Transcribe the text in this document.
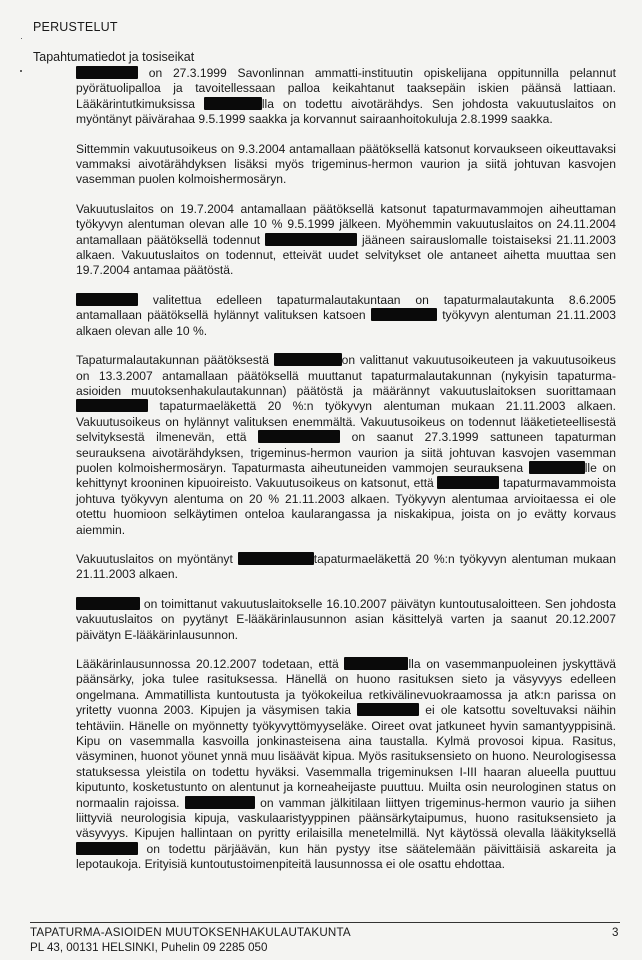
PERUSTELUT
Tapahtumatiedot ja tosiseikat

on 27.3.1999 Savonlinnan ammatti-instituutin opiskelijana oppitunnilla pelannut pyörätuolipalloa ja tavoitellessaan palloa keikahtanut taaksepäin iskien päänsä lattiaan. Lääkärintutkimuksissa	lla on todettu aivotärähdys. Sen johdosta vakuutuslaitos on myöntänyt päivärahaa 9.5.1999 saakka ja korvannut sairaanhoitokuluja 2.8.1999 saakka.

Sittemmin vakuutusoikeus on 9.3.2004 antamallaan päätöksellä katsonut korvaukseen oikeuttavaksi vammaksi aivotärähdyksen lisäksi myös trigeminus-hermon vaurion ja siitä johtuvan kasvojen vasemman puolen kolmoishermosäryn.

Vakuutuslaitos on 19.7.2004 antamallaan päätöksellä katsonut tapaturmavammojen aiheuttaman työkyvyn alentuman olevan alle 10 % 9.5.1999 jälkeen. Myöhemmin vakuutuslaitos on 24.11.2004 antamallaan päätöksellä todennut	jääneen sairauslomalle toistaiseksi 21.11.2003 alkaen. Vakuutuslaitos on todennut, etteivät uudet selvitykset ole antaneet aihetta muuttaa sen 19.7.2004 antamaa päätöstä.

valitettua edelleen tapaturmalautakuntaan on tapaturmalautakunta 8.6.2005 antamallaan päätöksellä hylännyt valituksen katsoen	työkyvyn alentuman 21.11.2003 alkaen olevan alle 10 %.

Tapaturmalautakunnan päätöksestä	on valittanut vakuutusoikeuteen ja vakuutusoikeus on 13.3.2007 antamallaan päätöksellä muuttanut tapaturmalautakunnan (nykyisin tapaturma-asioiden muutoksenhakulautakunnan) päätöstä ja määrännyt vakuutuslaitoksen suorittamaan  tapaturmaeläkettä 20 %:n työkyvyn alentuman mukaan 21.11.2003 alkaen. Vakuutusoikeus on hylännyt valituksen enemmältä. Vakuutusoikeus on todennut lääketieteellisestä selvityksestä ilmenevän, että	on saanut 27.3.1999 sattuneen tapaturman seurauksena aivotärähdyksen, trigeminus-hermon vaurion ja siitä johtuvan kasvojen vasemman puolen kolmoishermosäryn. Tapaturmasta aiheutuneiden vammojen seurauksena	lle on kehittynyt krooninen kipuoireisto. Vakuutusoikeus on katsonut, että	tapaturmavammoista johtuva työkyvyn alentuma on 20 % 21.11.2003 alkaen. Työkyvyn alentumaa arvioitaessa ei ole otettu huomioon selkäytimen onteloa kaularangassa ja niskakipua, joista on jo evätty korvaus aiemmin.

Vakuutuslaitos on myöntänyt	tapaturmaeläkettä 20 %:n työkyvyn alentuman mukaan 21.11.2003 alkaen.

on toimittanut vakuutuslaitokselle 16.10.2007 päivätyn kuntoutusaloitteen. Sen johdosta vakuutuslaitos on pyytänyt E-lääkärinlausunnon asian käsittelyä varten ja saanut 20.12.2007 päivätyn E-lääkärinlausunnon.

Lääkärinlausunnossa 20.12.2007 todetaan, että	lla on vasemmanpuoleinen jyskyttävä päänsärky, joka tulee rasituksessa. Hänellä on huono rasituksen sieto ja väsyvyys edelleen ongelmana. Ammatillista kuntoutusta ja työkokeilua retkivälinevuokraamossa ja atk:n parissa on yritetty vuonna 2003. Kipujen ja väsymisen takia	ei ole katsottu soveltuvaksi näihin tehtäviin. Hänelle on myönnetty työkyvyttömyyseläke. Oireet ovat jatkuneet hyvin samantyyppisinä. Kipu on vasemmalla kasvoilla jonkinasteisena aina taustalla. Kylmä provosoi kipua. Rasitus, väsyminen, huonot yöunet ynnä muu lisäävät kipua. Myös rasituksensieto on huono. Neurologisessa statuksessa yleistila on todettu hyväksi. Vasemmalla trigeminuksen I-III haaran alueella puuttuu kiputunto, kosketustunto on alentunut ja korneaheijaste puuttuu. Muilta osin neurologinen status on normaalin rajoissa.	on vamman jälkitilaan liittyen trigeminus-hermon vaurio ja siihen liittyviä neurologisia kipuja, vaskulaaristyyppinen päänsärkytaipumus, huono rasituksensieto ja väsyvyys. Kipujen hallintaan on pyritty erilaisilla menetelmillä. Nyt käytössä olevalla lääkityksellä  on todettu pärjäävän, kun hän pystyy itse säätelemään päivittäisiä askareita ja lepotaukoja. Erityisiä kuntoutustoimenpiteitä lausunnossa ei ole osattu ehdottaa.

TAPATURMA-ASIOIDEN MUUTOKSENHAKULAUTAKUNTA
PL 43, 00131 HELSINKI, Puhelin 09 2285 050
3
